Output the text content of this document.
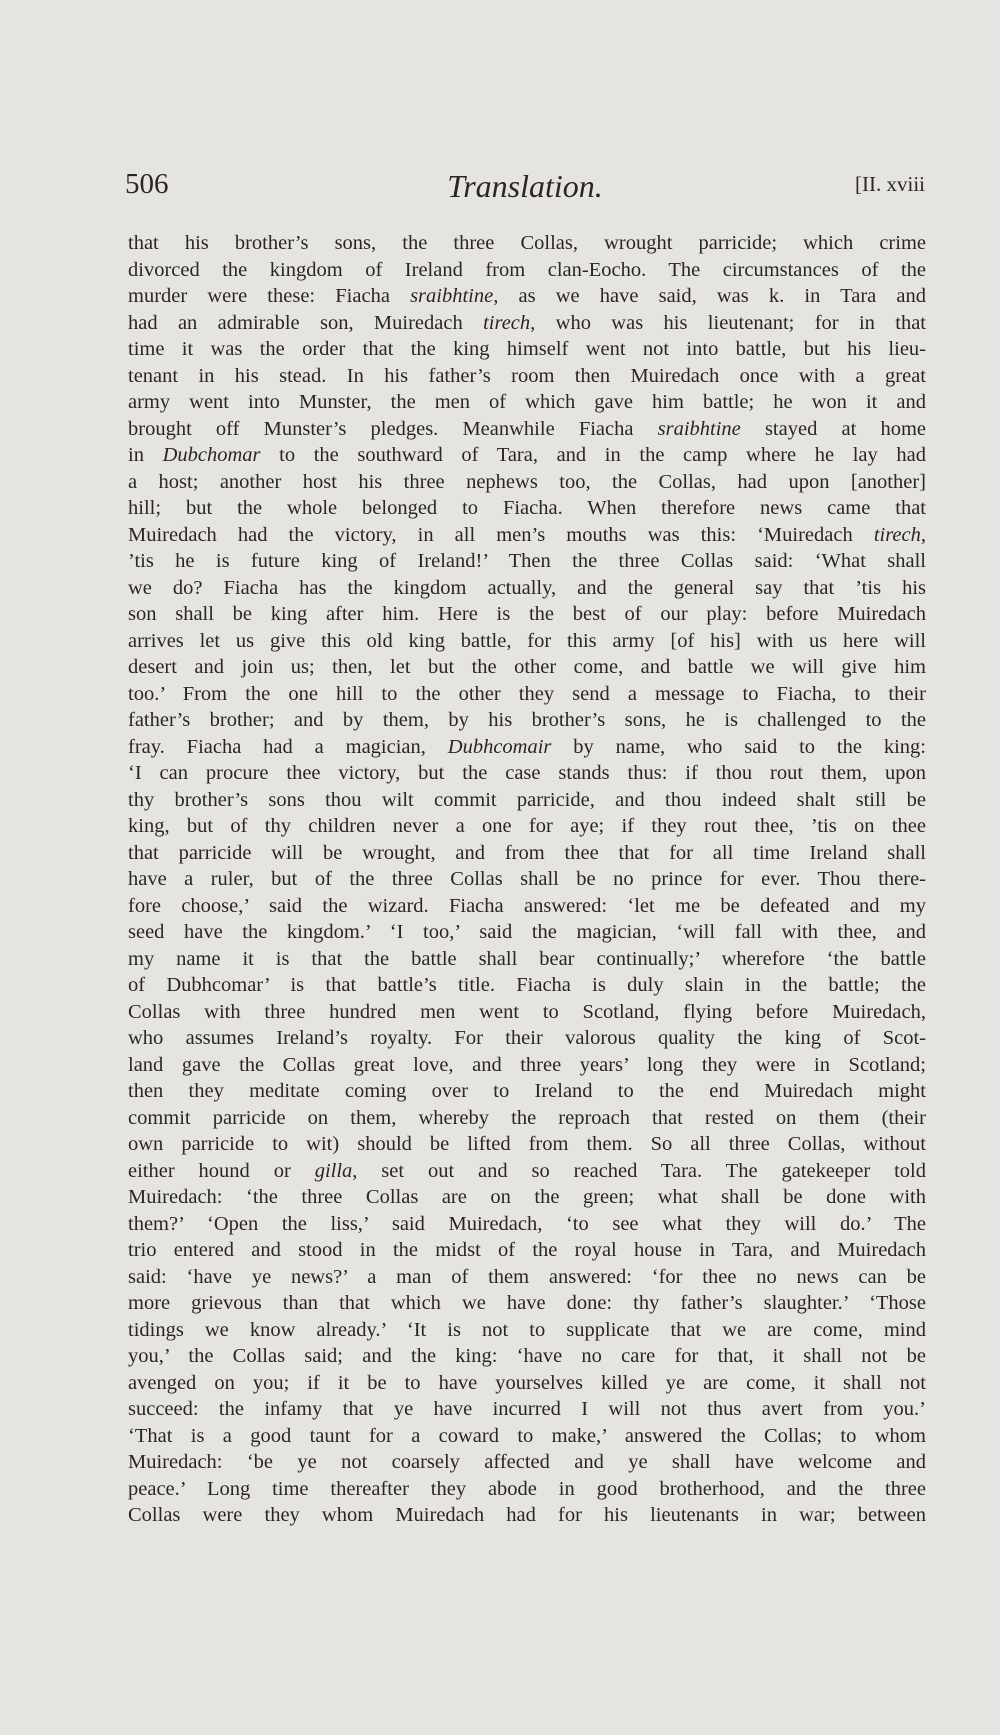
506	Translation.	[II. xviii
that his brother’s sons, the three Collas, wrought parricide; which crime
divorced the kingdom of Ireland from clan-Eocho. The circumstances of the
murder were these: Fiacha sraibhtine, as we have said, was k. in Tara and
had an admirable son, Muiredach tirech, who was his lieutenant; for in that
time it was the order that the king himself went not into battle, but his lieu-
tenant in his stead. In his father’s room then Muiredach once with a great
army went into Munster, the men of which gave him battle; he won it and
brought off Munster’s pledges. Meanwhile Fiacha sraibhtine stayed at home
in Dubchomar to the southward of Tara, and in the camp where he lay had
a host; another host his three nephews too, the Collas, had upon [another]
hill; but the whole belonged to Fiacha. When therefore news came that
Muiredach had the victory, in all men’s mouths was this: ‘Muiredach tirech,
’tis he is future king of Ireland!’ Then the three Collas said: ‘What shall
we do? Fiacha has the kingdom actually, and the general say that ’tis his
son shall be king after him. Here is the best of our play: before Muiredach
arrives let us give this old king battle, for this army [of his] with us here will
desert and join us; then, let but the other come, and battle we will give him
too.’ From the one hill to the other they send a message to Fiacha, to their
father’s brother; and by them, by his brother’s sons, he is challenged to the
fray. Fiacha had a magician, Dubhcomair by name, who said to the king:
‘I can procure thee victory, but the case stands thus: if thou rout them, upon
thy brother’s sons thou wilt commit parricide, and thou indeed shalt still be
king, but of thy children never a one for aye; if they rout thee, ’tis on thee
that parricide will be wrought, and from thee that for all time Ireland shall
have a ruler, but of the three Collas shall be no prince for ever. Thou there-
fore choose,’ said the wizard. Fiacha answered: ‘let me be defeated and my
seed have the kingdom.’ ‘I too,’ said the magician, ‘will fall with thee, and
my name it is that the battle shall bear continually;’ wherefore ‘the battle
of Dubhcomar’ is that battle’s title. Fiacha is duly slain in the battle; the
Collas with three hundred men went to Scotland, flying before Muiredach,
who assumes Ireland’s royalty. For their valorous quality the king of Scot-
land gave the Collas great love, and three years’ long they were in Scotland;
then they meditate coming over to Ireland to the end Muiredach might
commit parricide on them, whereby the reproach that rested on them (their
own parricide to wit) should be lifted from them. So all three Collas, without
either hound or gilla, set out and so reached Tara. The gatekeeper told
Muiredach: ‘the three Collas are on the green; what shall be done with
them?’ ‘Open the liss,’ said Muiredach, ‘to see what they will do.’ The
trio entered and stood in the midst of the royal house in Tara, and Muiredach
said: ‘have ye news?’ a man of them answered: ‘for thee no news can be
more grievous than that which we have done: thy father’s slaughter.’ ‘Those
tidings we know already.’ ‘It is not to supplicate that we are come, mind
you,’ the Collas said; and the king: ‘have no care for that, it shall not be
avenged on you; if it be to have yourselves killed ye are come, it shall not
succeed: the infamy that ye have incurred I will not thus avert from you.’
‘That is a good taunt for a coward to make,’ answered the Collas; to whom
Muiredach: ‘be ye not coarsely affected and ye shall have welcome and
peace.’ Long time thereafter they abode in good brotherhood, and the three
Collas were they whom Muiredach had for his lieutenants in war; between
